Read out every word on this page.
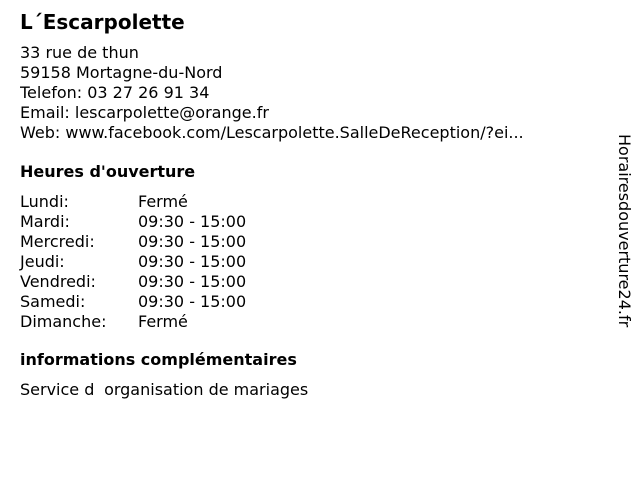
L´Escarpolette
33 rue de thun
59158 Mortagne-du-Nord
Telefon: 03 27 26 91 34
Email: lescarpolette@orange.fr
Web: www.facebook.com/Lescarpolette.SalleDeReception/?ei...
Heures d'ouverture
Lundi:	Fermé
Mardi:	09:30 - 15:00
Mercredi:	09:30 - 15:00
Jeudi:	09:30 - 15:00
Vendredi:	09:30 - 15:00
Samedi:	09:30 - 15:00
Dimanche:	Fermé
informations complémentaires
Service dorganisation de mariages
Horairesdouverture24.fr
